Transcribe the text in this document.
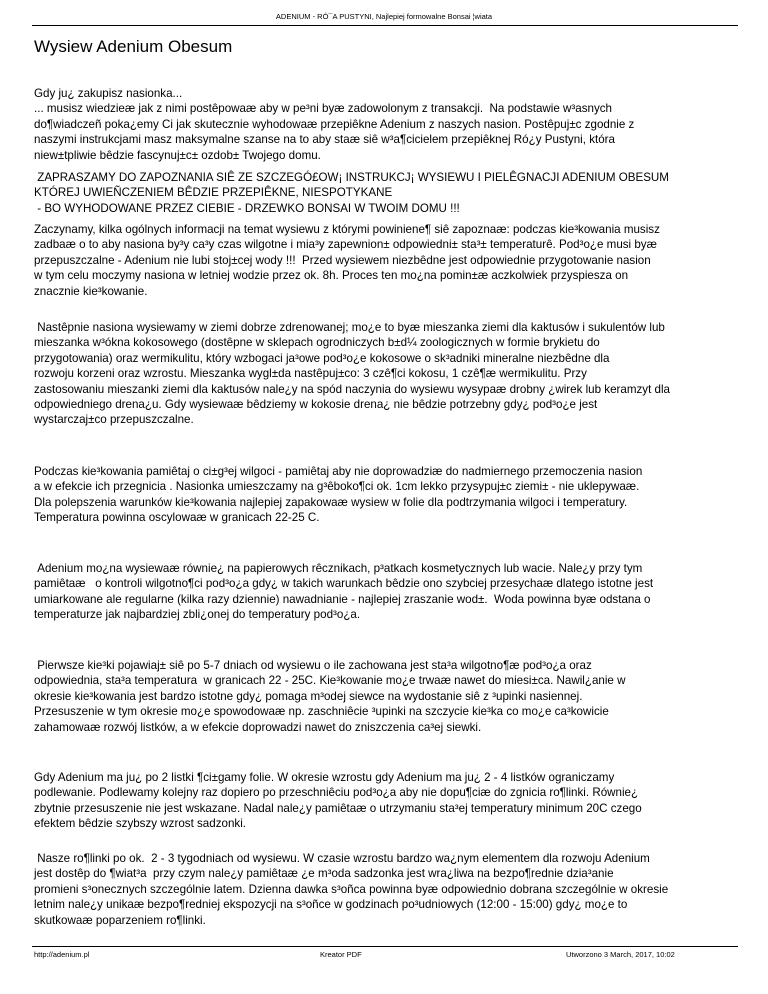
ADENIUM - RÓ¯A PUSTYNI, Najlepiej formowalne Bonsai ¦wiata
Wysiew Adenium Obesum

Gdy ju¿ zakupisz nasionka...
... musisz wiedzieæ jak z nimi postêpowaæ aby w pe³ni byæ zadowolonym z transakcji.  Na podstawie w³asnych
do¶wiadczeñ poka¿emy Ci jak skutecznie wyhodowaæ przepiêkne Adenium z naszych nasion. Postêpuj±c zgodnie z
naszymi instrukcjami masz maksymalne szanse na to aby staæ siê w³a¶cicielem przepiêknej Ró¿y Pustyni, która
niew±tpliwie bêdzie fascynuj±c± ozdob± Twojego domu.

ZAPRASZAMY DO ZAPOZNANIA SIÊ ZE SZCZEGÓ£OW¡ INSTRUKCJ¡ WYSIEWU I PIELÊGNACJI ADENIUM OBESUM
KTÓREJ UWIEÑCZENIEM BÊDZIE PRZEPIÊKNE, NIESPOTYKANE
- BO WYHODOWANE PRZEZ CIEBIE - DRZEWKO BONSAI W TWOIM DOMU !!!

Zaczynamy, kilka ogólnych informacji na temat wysiewu z którymi powiniene¶ siê zapoznaæ: podczas kie³kowania musisz
zadbaæ o to aby nasiona by³y ca³y czas wilgotne i mia³y zapewnion± odpowiedni± sta³± temperaturê. Pod³o¿e musi byæ
przepuszczalne - Adenium nie lubi stoj±cej wody !!!  Przed wysiewem niezbêdne jest odpowiednie przygotowanie nasion
w tym celu moczymy nasiona w letniej wodzie przez ok. 8h. Proces ten mo¿na pomin±æ aczkolwiek przyspiesza on
znacznie kie³kowanie.

Nastêpnie nasiona wysiewamy w ziemi dobrze zdrenowanej; mo¿e to byæ mieszanka ziemi dla kaktusów i sukulentów lub
mieszanka w³ókna kokosowego (dostêpne w sklepach ogrodniczych b±d¼ zoologicznych w formie brykietu do
przygotowania) oraz wermikulitu, który wzbogaci ja³owe pod³o¿e kokosowe o sk³adniki mineralne niezbêdne dla
rozwoju korzeni oraz wzrostu. Mieszanka wygl±da nastêpuj±co: 3 czê¶ci kokosu, 1 czê¶æ wermikulitu. Przy
zastosowaniu mieszanki ziemi dla kaktusów nale¿y na spód naczynia do wysiewu wysypaæ drobny ¿wirek lub keramzyt dla
odpowiedniego drena¿u. Gdy wysiewaæ bêdziemy w kokosie drena¿ nie bêdzie potrzebny gdy¿ pod³o¿e jest
wystarczaj±co przepuszczalne.

Podczas kie³kowania pamiêtaj o ci±g³ej wilgoci - pamiêtaj aby nie doprowadziæ do nadmiernego przemoczenia nasion
a w efekcie ich przegnicia . Nasionka umieszczamy na g³êboko¶ci ok. 1cm lekko przysypuj±c ziemi± - nie uklepywaæ.
Dla polepszenia warunków kie³kowania najlepiej zapakowaæ wysiew w folie dla podtrzymania wilgoci i temperatury.
Temperatura powinna oscylowaæ w granicach 22-25 C.

Adenium mo¿na wysiewaæ równie¿ na papierowych rêcznikach, p³atkach kosmetycznych lub wacie. Nale¿y przy tym
pamiêtaæ   o kontroli wilgotno¶ci pod³o¿a gdy¿ w takich warunkach bêdzie ono szybciej przesychaæ dlatego istotne jest
umiarkowane ale regularne (kilka razy dziennie) nawadnianie - najlepiej zraszanie wod±.  Woda powinna byæ odstana o
temperaturze jak najbardziej zbli¿onej do temperatury pod³o¿a.

Pierwsze kie³ki pojawiaj± siê po 5-7 dniach od wysiewu o ile zachowana jest sta³a wilgotno¶æ pod³o¿a oraz
odpowiednia, sta³a temperatura  w granicach 22 - 25C. Kie³kowanie mo¿e trwaæ nawet do miesi±ca. Nawil¿anie w
okresie kie³kowania jest bardzo istotne gdy¿ pomaga m³odej siewce na wydostanie siê z ³upinki nasiennej.
Przesuszenie w tym okresie mo¿e spowodowaæ np. zaschniêcie ³upinki na szczycie kie³ka co mo¿e ca³kowicie
zahamowaæ rozwój listków, a w efekcie doprowadzi nawet do zniszczenia ca³ej siewki.

Gdy Adenium ma ju¿ po 2 listki ¶ci±gamy folie. W okresie wzrostu gdy Adenium ma ju¿ 2 - 4 listków ograniczamy
podlewanie. Podlewamy kolejny raz dopiero po przeschniêciu pod³o¿a aby nie dopu¶ciæ do zgnicia ro¶linki. Równie¿
zbytnie przesuszenie nie jest wskazane. Nadal nale¿y pamiêtaæ o utrzymaniu sta³ej temperatury minimum 20C czego
efektem bêdzie szybszy wzrost sadzonki.

Nasze ro¶linki po ok.  2 - 3 tygodniach od wysiewu. W czasie wzrostu bardzo wa¿nym elementem dla rozwoju Adenium
jest dostêp do ¶wiat³a  przy czym nale¿y pamiêtaæ ¿e m³oda sadzonka jest wra¿liwa na bezpo¶rednie dzia³anie
promieni s³onecznych szczególnie latem. Dzienna dawka s³oñca powinna byæ odpowiednio dobrana szczególnie w okresie
letnim nale¿y unikaæ bezpo¶redniej ekspozycji na s³oñce w godzinach po³udniowych (12:00 - 15:00) gdy¿ mo¿e to
skutkowaæ poparzeniem ro¶linki.

http://adenium.pl	Kreator PDF	Utworzono 3 March, 2017, 10:02
